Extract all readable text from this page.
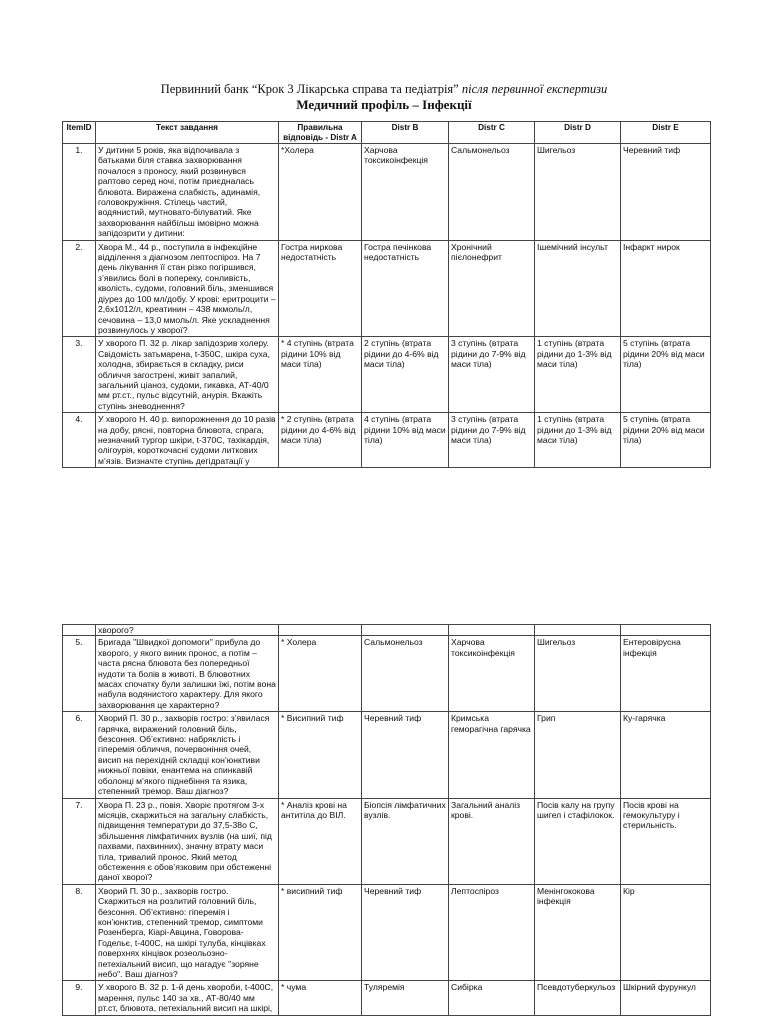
Первинний банк “Крок 3 Лікарська справа та педіатрія” після первинної експертизи
Медичний профіль – Інфекції
ItemID	Текст завдання	Правильна відповідь - Distr A	Distr B	Distr C	Distr D	Distr E
1.	У дитини 5 років, яка відпочивала з батьками біля ставка захворювання почалося з проносу, який розвинувся раптово серед ночі, потім приєдналась блювота. Виражена слабкість, адинамія, головокружіння. Стілець частий, водянистий, мутновато-білуватий. Яке захворювання найбільш імовірно можна запідозрити у дитини:	*Холера	Харчова токсикоінфекція	Сальмонельоз	Шигельоз	Черевний тиф
2.	Хвора М., 44 р., поступила в інфекційне відділення з діагнозом лептоспіроз. На 7 день лікування її стан різко погіршився, з’явились болі в попереку, сонливість, кволість, судоми, головний біль, зменшився діурез до 100 мл/добу. У крові: еритроцити – 2,6х1012/л, креатинин – 438 мкмоль/л, сечовина – 13,0 ммоль/л. Яке ускладнення розвинулось у хворої?	Гостра ниркова недостатність	Гостра печінкова недостатність	Хронічний пієлонефрит	Ішемічний інсульт	Інфаркт нирок
3.	У хворого П. 32 р. лікар запідозрив холеру. Свідомість затьмарена, t-350С, шкіра суха, холодна, збирається в складку, риси обличчя загострені, живіт запалий, загальний ціаноз, судоми, гикавка, АТ-40/0 мм рт.ст., пульс відсутній, анурія. Вкажіть ступінь зневоднення?	* 4 ступінь (втрата рідини 10% від маси тіла)	2 ступінь (втрата рідини до 4-6% від маси тіла)	3 ступінь (втрата рідини до 7-9% від маси тіла)	1 ступінь (втрата рідини до 1-3% від маси тіла)	5 ступінь (втрата рідини 20% від маси тіла)
4.	У хворого Н. 40 р. випорожнення до 10 разів на добу, рясні, повторна блювота, спрага, незначний тургор шкіри, t-370С, тахікардія, олігоурія, короткочасні судоми литкових м’язів. Визначте ступінь дегідратації у	* 2 ступінь (втрата рідини до 4-6% від маси тіла)	4 ступінь (втрата рідини 10% від маси тіла)	3 ступінь (втрата рідини до 7-9% від маси тіла)	1 ступінь (втрата рідини до 1-3% від маси тіла)	5 ступінь (втрата рідини 20% від маси тіла)
	хворого?					
5.	Бригада "Швидкої допомоги" прибула до хворого, у якого виник пронос, а потім – часта рясна блювота без попередньої нудоти та болів в животі. В блювотних масах спочатку були залишки їжі, потім вона набула водянистого характеру. Для якого захворювання це характерно?	* Холера	Сальмонельоз	Харчова токсикоінфекція	Шигельоз	Ентеровірусна інфекція
6.	Хворий П. 30 р., захворів гостро: з’явилася гарячка, виражений головний біль, безсоння. Об’єктивно: набряклість і гіперемія обличчя, почервоніння очей, висип на перехідній складці кон’юнктиви нижньої повіки, енантема на спинкавій оболонці м’якого піднебіння та язика, степенний тремор. Ваш діагноз?	* Висипний тиф	Черевний тиф	Кримська геморагічна гарячка	Грип	Ку-гарячка
7.	Хвора П. 23 р., повія. Хворіє протягом 3-х місяців, скаржиться на загальну слабкість, підвищення температури до 37,5-38о С, збільшення лімфатичних вузлів (на шиї, під пахвами, пахвинних), значну втрату маси тіла, тривалий пронос. Який метод обстеження є обов’язковим при обстеженні даної хворої?	* Аналіз крові на антитіла до ВІЛ.	Біопсія лімфатичних вузлів.	Загальний аналіз крові.	Посів калу на групу шигел і стафілокок.	Посів крові на гемокультуру і стерильність.
8.	Хворий П. 30 р., захворів гостро. Скаржиться на розлитий головний біль, безсоння. Об’єктивно: гіперемія і кон’юнктив, степенний тремор, симптоми Розенберга, Кіарі-Авцина, Говорова-Годельє, t-400С, на шкірі тулуба, кінцівках поверхнях кінцівок розеольозно-петехіальний висип, що нагадує "зоряне небо". Ваш діагноз?	* висипний тиф	Черевний тиф	Лептоспіроз	Менінгококова інфекція	Кір
9.	У хворого В. 32 р. 1-й день хвороби, t-400С, марення, пульс 140 за хв., АТ-80/40 мм рт.ст, блювота, петехіальний висип на шкірі,	* чума	Туляремія	Сибірка	Псевдотуберкульоз	Шкірний фурункул
